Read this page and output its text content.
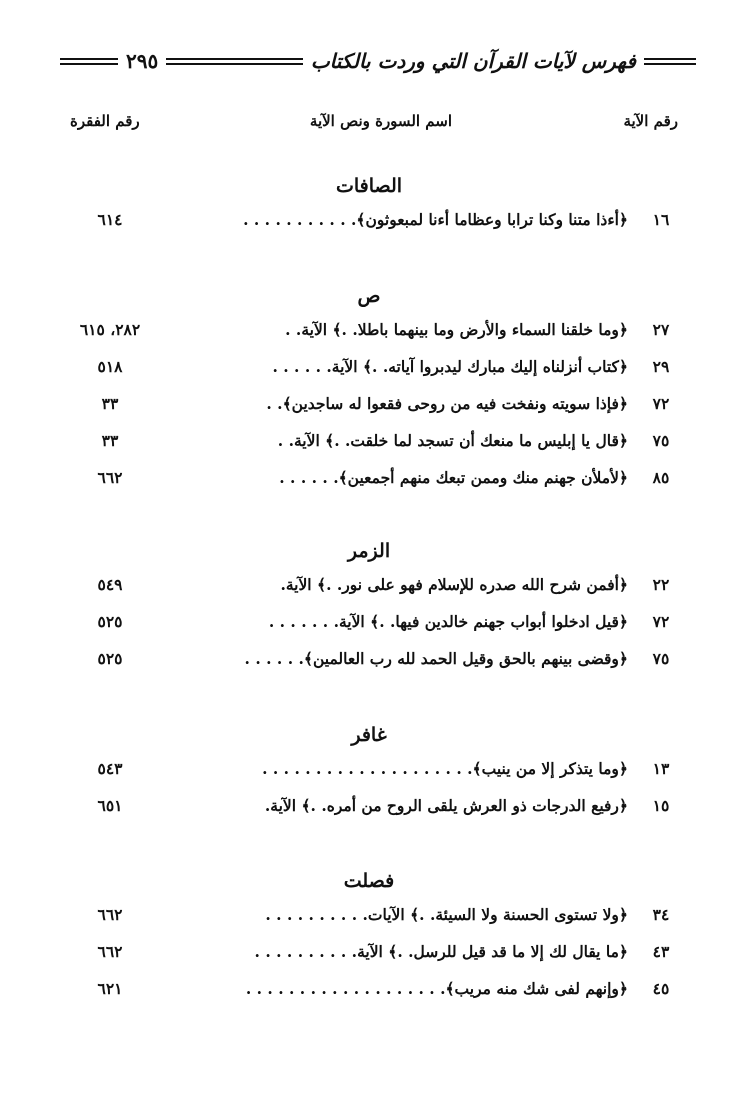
فهرس لآيات القرآن التي وردت بالكتاب
٢٩٥
رقم الآية
اسم السورة ونص الآية
رقم الفقرة
الصافات
١٦
﴿أءذا متنا وكنا ترابا وعظاما أءنا لمبعوثون﴾. . . . . . . . . . .
٦١٤
ص
٢٧
﴿وما خلقنا السماء والأرض وما بينهما باطلا. .﴾ الآية. .
٢٨٢، ٦١٥
٢٩
﴿كتاب أنزلناه إليك مبارك ليدبروا آياته. .﴾ الآية. . . . . .
٥١٨
٧٢
﴿فإذا سويته ونفخت فيه من روحى فقعوا له ساجدين﴾. .
٣٣
٧٥
﴿قال يا إبليس ما منعك أن تسجد لما خلقت. .﴾ الآية. .
٣٣
٨٥
﴿لأملأن جهنم منك وممن تبعك منهم أجمعين﴾. . . . . .
٦٦٢
الزمر
٢٢
﴿أفمن شرح الله صدره للإسلام فهو على نور. .﴾ الآية.
٥٤٩
٧٢
﴿قيل ادخلوا أبواب جهنم خالدين فيها. .﴾ الآية. . . . . . .
٥٢٥
٧٥
﴿وقضى بينهم بالحق وقيل الحمد لله رب العالمين﴾. . . . . .
٥٢٥
غافر
١٣
﴿وما يتذكر إلا من ينيب﴾. . . . . . . . . . . . . . . . . . . .
٥٤٣
١٥
﴿رفيع الدرجات ذو العرش يلقى الروح من أمره. .﴾ الآية.
٦٥١
فصلت
٣٤
﴿ولا تستوى الحسنة ولا السيئة. .﴾ الآيات. . . . . . . . . .
٦٦٢
٤٣
﴿ما يقال لك إلا ما قد قيل للرسل. .﴾ الآية. . . . . . . . . .
٦٦٢
٤٥
﴿وإنهم لفى شك منه مريب﴾. . . . . . . . . . . . . . . . . . .
٦٢١
